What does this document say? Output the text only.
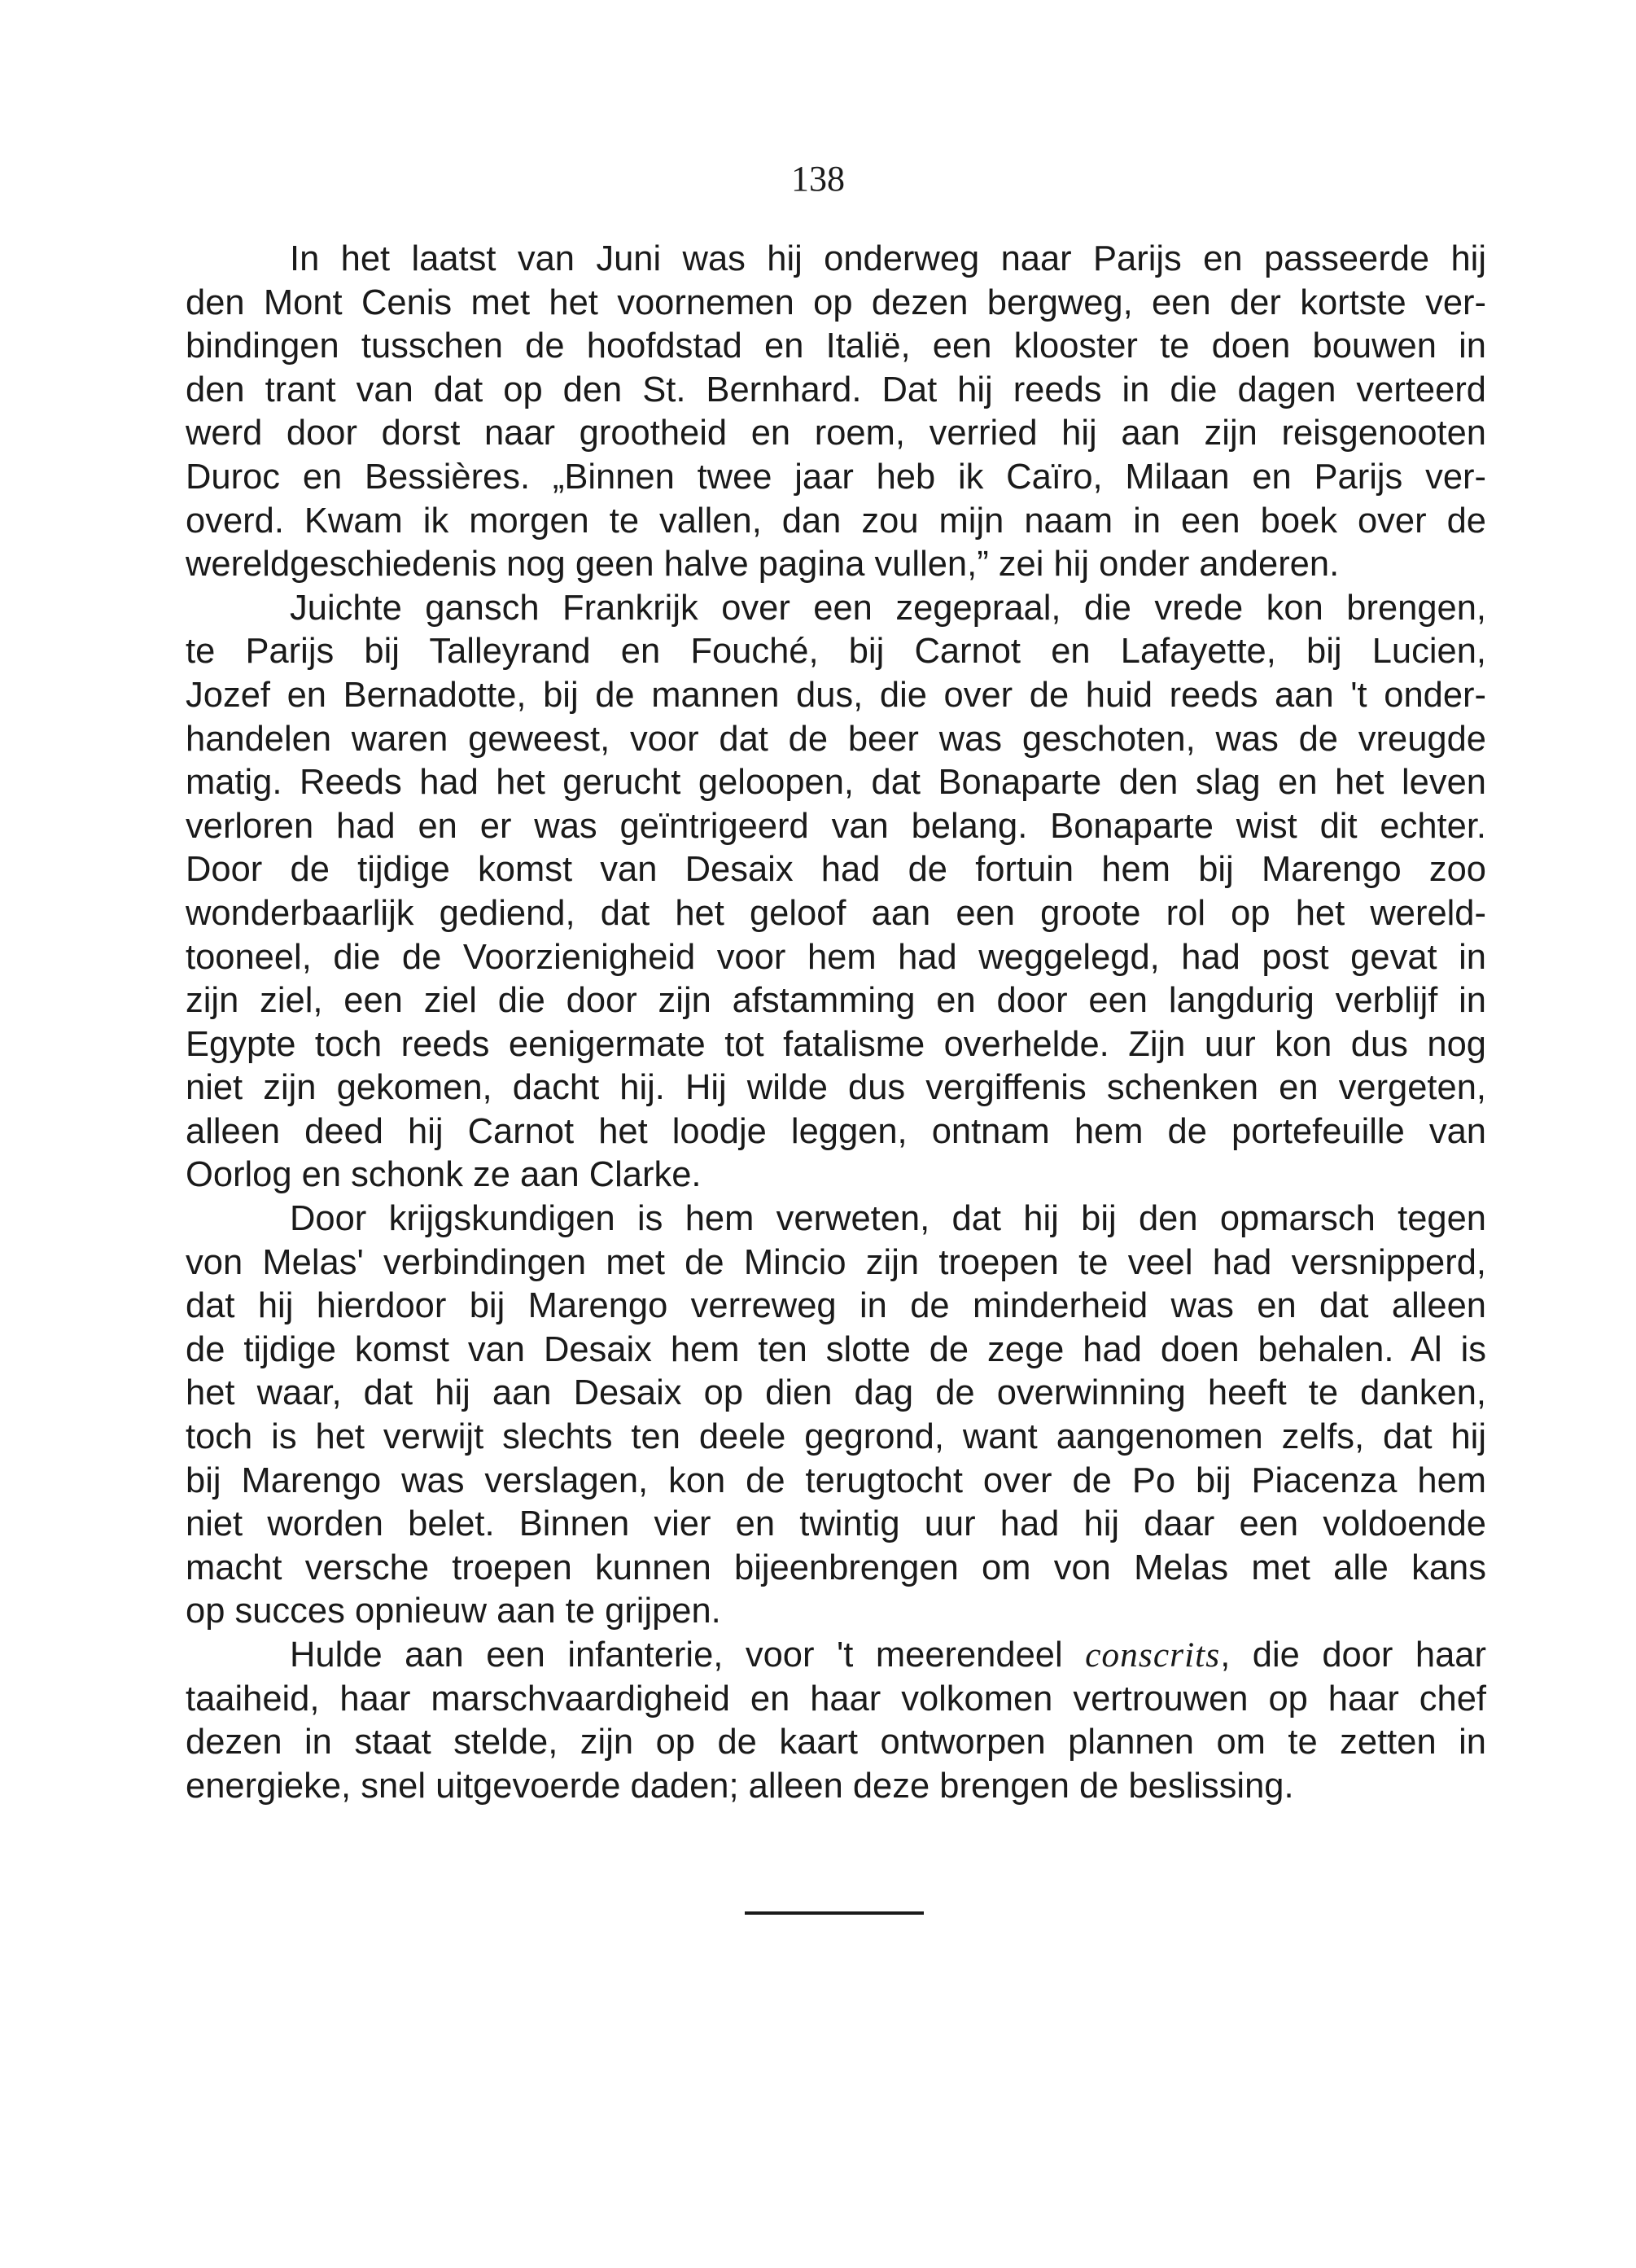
138

In het laatst van Juni was hij onderweg naar Parijs en passeerde hij
den Mont Cenis met het voornemen op dezen bergweg, een der kortste ver-
bindingen tusschen de hoofdstad en Italië, een klooster te doen bouwen in
den trant van dat op den St. Bernhard. Dat hij reeds in die dagen verteerd
werd door dorst naar grootheid en roem, verried hij aan zijn reisgenooten
Duroc en Bessières. „Binnen twee jaar heb ik Caïro, Milaan en Parijs ver-
overd. Kwam ik morgen te vallen, dan zou mijn naam in een boek over de
wereldgeschiedenis nog geen halve pagina vullen,” zei hij onder anderen.
Juichte gansch Frankrijk over een zegepraal, die vrede kon brengen,
te Parijs bij Talleyrand en Fouché, bij Carnot en Lafayette, bij Lucien,
Jozef en Bernadotte, bij de mannen dus, die over de huid reeds aan 't onder-
handelen waren geweest, voor dat de beer was geschoten, was de vreugde
matig. Reeds had het gerucht geloopen, dat Bonaparte den slag en het leven
verloren had en er was geïntrigeerd van belang. Bonaparte wist dit echter.
Door de tijdige komst van Desaix had de fortuin hem bij Marengo zoo
wonderbaarlijk gediend, dat het geloof aan een groote rol op het wereld-
tooneel, die de Voorzienigheid voor hem had weggelegd, had post gevat in
zijn ziel, een ziel die door zijn afstamming en door een langdurig verblijf in
Egypte toch reeds eenigermate tot fatalisme overhelde. Zijn uur kon dus nog
niet zijn gekomen, dacht hij. Hij wilde dus vergiffenis schenken en vergeten,
alleen deed hij Carnot het loodje leggen, ontnam hem de portefeuille van
Oorlog en schonk ze aan Clarke.
Door krijgskundigen is hem verweten, dat hij bij den opmarsch tegen
von Melas' verbindingen met de Mincio zijn troepen te veel had versnipperd,
dat hij hierdoor bij Marengo verreweg in de minderheid was en dat alleen
de tijdige komst van Desaix hem ten slotte de zege had doen behalen. Al is
het waar, dat hij aan Desaix op dien dag de overwinning heeft te danken,
toch is het verwijt slechts ten deele gegrond, want aangenomen zelfs, dat hij
bij Marengo was verslagen, kon de terugtocht over de Po bij Piacenza hem
niet worden belet. Binnen vier en twintig uur had hij daar een voldoende
macht versche troepen kunnen bijeenbrengen om von Melas met alle kans
op succes opnieuw aan te grijpen.
Hulde aan een infanterie, voor 't meerendeel conscrits, die door haar
taaiheid, haar marschvaardigheid en haar volkomen vertrouwen op haar chef
dezen in staat stelde, zijn op de kaart ontworpen plannen om te zetten in
energieke, snel uitgevoerde daden; alleen deze brengen de beslissing.
